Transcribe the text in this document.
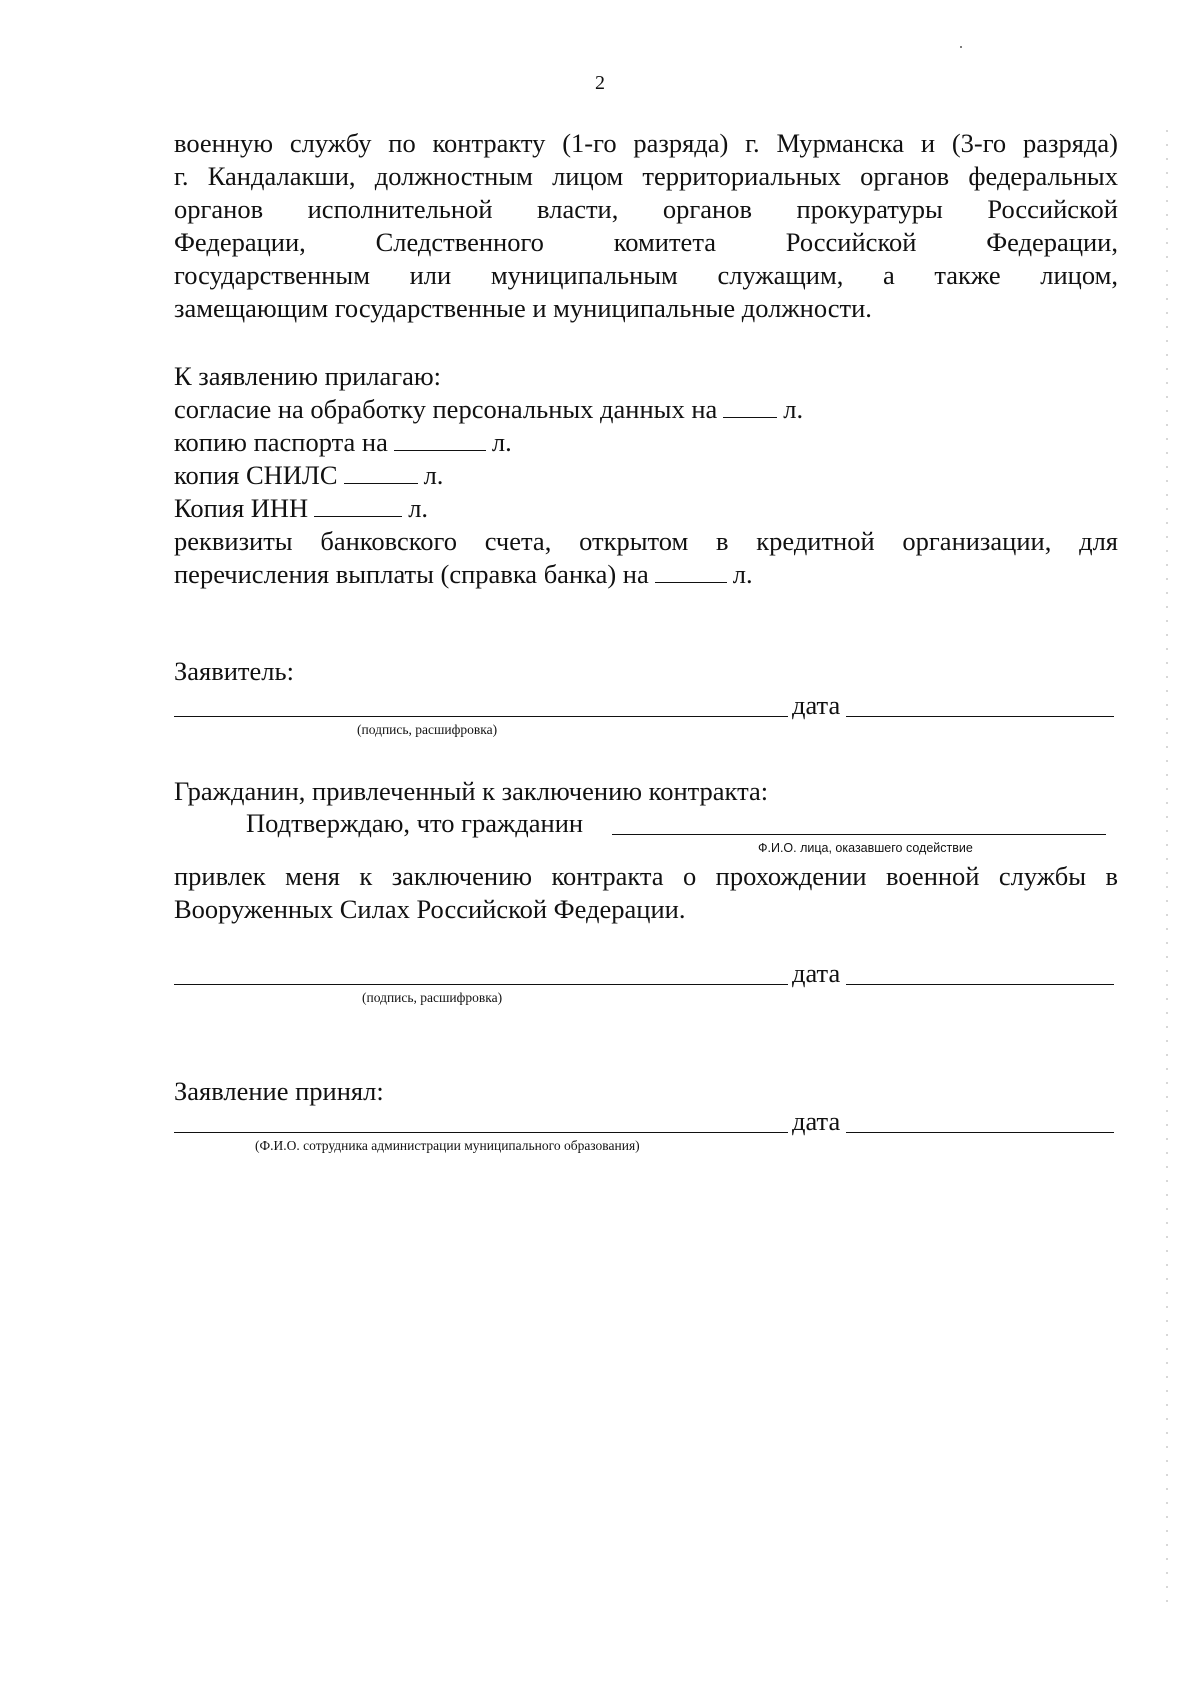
2
военную службу по контракту (1-го разряда) г. Мурманска и (3-го разряда)
г. Кандалакши, должностным лицом территориальных органов федеральных
органов исполнительной власти, органов прокуратуры Российской
Федерации, Следственного комитета Российской Федерации,
государственным или муниципальным служащим, а также лицом,
замещающим государственные и муниципальные должности.
К заявлению прилагаю:
согласие на обработку персональных данных на л.
копию паспорта на	л.
копия СНИЛС	л.
Копия ИНН	л.
реквизиты банковского счета, открытом в кредитной организации, для
перечисления выплаты (справка банка) на	л.
Заявитель:
дата
(подпись, расшифровка)
Гражданин, привлеченный к заключению контракта:
Подтверждаю, что гражданин
Ф.И.О. лица, оказавшего содействие
привлек меня к заключению контракта о прохождении военной службы в
Вооруженных Силах Российской Федерации.
дата
(подпись, расшифровка)
Заявление принял:
дата
(Ф.И.О. сотрудника администрации муниципального образования)
